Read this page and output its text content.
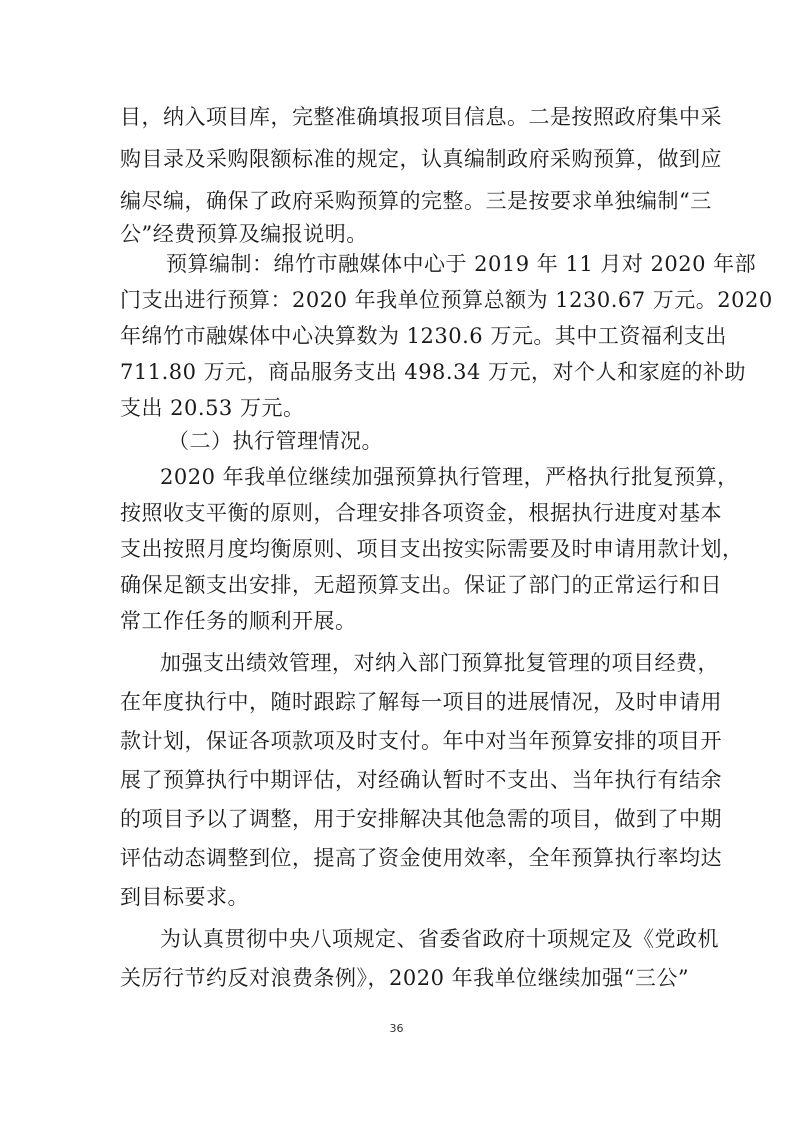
目，纳入项目库，完整准确填报项目信息。二是按照政府集中采
购目录及采购限额标准的规定，认真编制政府采购预算，做到应
编尽编，确保了政府采购预算的完整。三是按要求单独编制“三
公”经费预算及编报说明。
预算编制：绵竹市融媒体中心于 2019 年 11 月对 2020 年部
门支出进行预算：2020 年我单位预算总额为 1230.67 万元。2020
年绵竹市融媒体中心决算数为 1230.6 万元。其中工资福利支出
711.80 万元，商品服务支出 498.34 万元，对个人和家庭的补助
支出 20.53 万元。
（二）执行管理情况。
2020 年我单位继续加强预算执行管理，严格执行批复预算，
按照收支平衡的原则，合理安排各项资金，根据执行进度对基本
支出按照月度均衡原则、项目支出按实际需要及时申请用款计划，
确保足额支出安排，无超预算支出。保证了部门的正常运行和日
常工作任务的顺利开展。
加强支出绩效管理，对纳入部门预算批复管理的项目经费，
在年度执行中，随时跟踪了解每一项目的进展情况，及时申请用
款计划，保证各项款项及时支付。年中对当年预算安排的项目开
展了预算执行中期评估，对经确认暂时不支出、当年执行有结余
的项目予以了调整，用于安排解决其他急需的项目，做到了中期
评估动态调整到位，提高了资金使用效率，全年预算执行率均达
到目标要求。
为认真贯彻中央八项规定、省委省政府十项规定及《党政机
关厉行节约反对浪费条例》，2020 年我单位继续加强“三公”
36
